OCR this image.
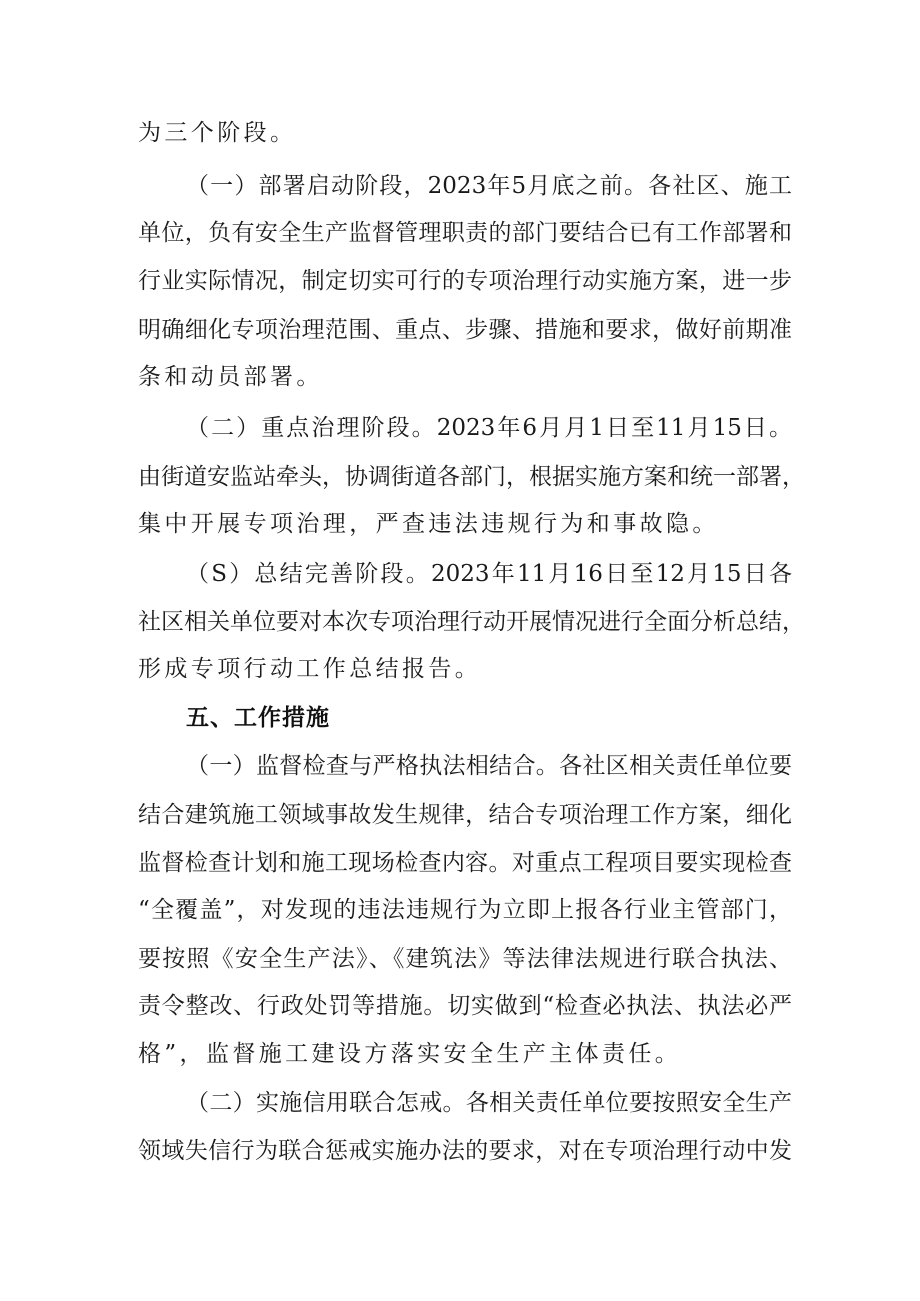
为三个阶段。
（一）部署启动阶段，2023年5月底之前。各社区、施工
单位，负有安全生产监督管理职责的部门要结合已有工作部署和
行业实际情况，制定切实可行的专项治理行动实施方案，进一步
明确细化专项治理范围、重点、步骤、措施和要求，做好前期准
条和动员部署。
（二）重点治理阶段。2023年6月月1日至11月15日。
由街道安监站牵头，协调街道各部门，根据实施方案和统一部署，
集中开展专项治理，严查违法违规行为和事故隐。
（S）总结完善阶段。2023年11月16日至12月15日各
社区相关单位要对本次专项治理行动开展情况进行全面分析总结，
形成专项行动工作总结报告。
五、工作措施
（一）监督检查与严格执法相结合。各社区相关责任单位要
结合建筑施工领域事故发生规律，结合专项治理工作方案，细化
监督检查计划和施工现场检查内容。对重点工程项目要实现检查
“全覆盖”，对发现的违法违规行为立即上报各行业主管部门，
要按照《安全生产法》、《建筑法》等法律法规进行联合执法、
责令整改、行政处罚等措施。切实做到“检查必执法、执法必严
格”，监督施工建设方落实安全生产主体责任。
（二）实施信用联合怎戒。各相关责任单位要按照安全生产
领域失信行为联合惩戒实施办法的要求，对在专项治理行动中发
